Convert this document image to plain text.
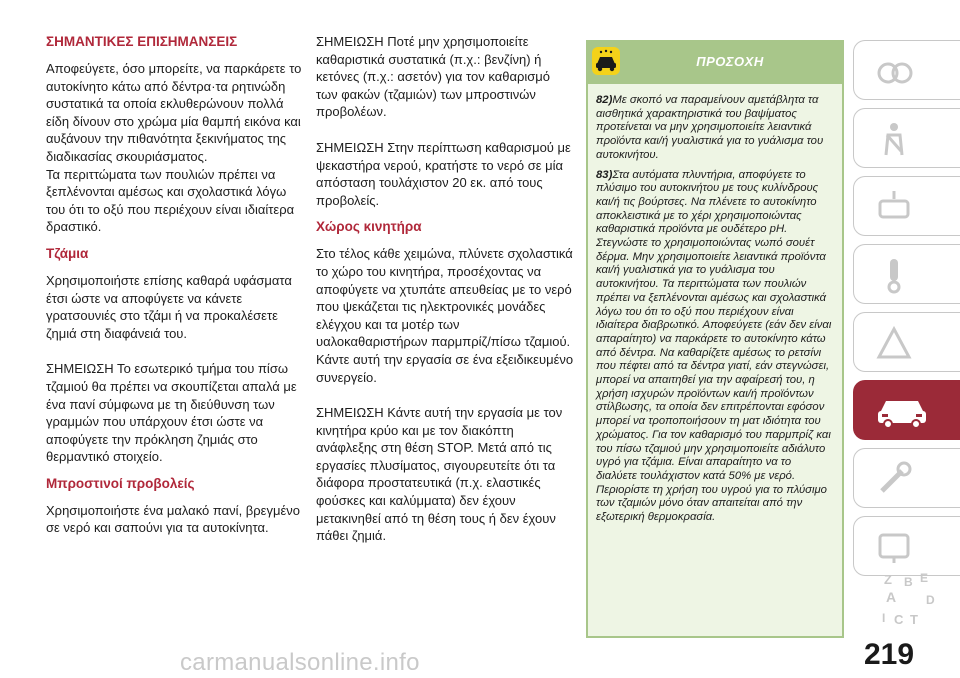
ΣΗΜΑΝΤΙΚΕΣ ΕΠΙΣΗΜΑΝΣΕΙΣ

Αποφεύγετε, όσο μπορείτε, να παρκάρετε το αυτοκίνητο κάτω από δέντρα·τα ρητινώδη συστατικά τα οποία εκλυθερώνουν πολλά είδη δίνουν στο χρώμα μία θαμπή εικόνα και αυξάνουν την πιθανότητα ξεκινήματος της διαδικασίας σκουριάσματος.

Τα περιττώματα των πουλιών πρέπει να ξεπλένονται αμέσως και σχολαστικά λόγω του ότι το οξύ που περιέχουν είναι ιδιαίτερα δραστικό.

Τζάμια

Χρησιμοποιήστε επίσης καθαρά υφάσματα έτσι ώστε να αποφύγετε να κάνετε γρατσουνιές στο τζάμι ή να προκαλέσετε ζημιά στη διαφάνειά του.

ΣΗΜΕΙΩΣΗ Το εσωτερικό τμήμα του πίσω τζαμιού θα πρέπει να σκουπίζεται απαλά με ένα πανί σύμφωνα με τη διεύθυνση των γραμμών που υπάρχουν έτσι ώστε να αποφύγετε την πρόκληση ζημιάς στο θερμαντικό στοιχείο.

Μπροστινοί προβολείς

Χρησιμοποιήστε ένα μαλακό πανί, βρεγμένο σε νερό και σαπούνι για τα αυτοκίνητα.

ΣΗΜΕΙΩΣΗ Ποτέ μην χρησιμοποιείτε καθαριστικά συστατικά (π.χ.: βενζίνη) ή κετόνες (π.χ.: ασετόν) για τον καθαρισμό των φακών (τζαμιών) των μπροστινών προβολέων.

ΣΗΜΕΙΩΣΗ Στην περίπτωση καθαρισμού με ψεκαστήρα νερού, κρατήστε το νερό σε μία απόσταση τουλάχιστον 20 εκ. από τους προβολείς.

Χώρος κινητήρα

Στο τέλος κάθε χειμώνα, πλύνετε σχολαστικά το χώρο του κινητήρα, προσέχοντας να αποφύγετε να χτυπάτε απευθείας με το νερό που ψεκάζεται τις ηλεκτρονικές μονάδες ελέγχου και τα μοτέρ των υαλοκαθαριστήρων παρμπρίζ/πίσω τζαμιού. Κάντε αυτή την εργασία σε ένα εξειδικευμένο συνεργείο.

ΣΗΜΕΙΩΣΗ Κάντε αυτή την εργασία με τον κινητήρα κρύο και με τον διακόπτη ανάφλεξης στη θέση STOP. Μετά από τις εργασίες πλυσίματος, σιγουρευτείτε ότι τα διάφορα προστατευτικά (π.χ. ελαστικές φούσκες και καλύμματα) δεν έχουν μετακινηθεί από τη θέση τους ή δεν έχουν πάθει ζημιά.

ΠΡΟΣΟΧΗ

82)Με σκοπό να παραμείνουν αμετάβλητα τα αισθητικά χαρακτηριστικά του βαψίματος προτείνεται να μην χρησιμοποιείτε λειαντικά προϊόντα και/ή γυαλιστικά για το γυάλισμα του αυτοκινήτου.

83)Στα αυτόματα πλυντήρια, αποφύγετε το πλύσιμο του αυτοκινήτου με τους κυλίνδρους και/ή τις βούρτσες. Να πλένετε το αυτοκίνητο αποκλειστικά με το χέρι χρησιμοποιώντας καθαριστικά προϊόντα με ουδέτερο pH. Στεγνώστε το χρησιμοποιώντας νωπό σουέτ δέρμα. Μην χρησιμοποιείτε λειαντικά προϊόντα και/ή γυαλιστικά για το γυάλισμα του αυτοκινήτου. Τα περιττώματα των πουλιών πρέπει να ξεπλένονται αμέσως και σχολαστικά λόγω του ότι το οξύ που περιέχουν είναι ιδιαίτερα διαβρωτικό. Αποφεύγετε (εάν δεν είναι απαραίτητο) να παρκάρετε το αυτοκίνητο κάτω από δέντρα. Να καθαρίζετε αμέσως το ρετσίνι που πέφτει από τα δέντρα γιατί, εάν στεγνώσει, μπορεί να απαιτηθεί για την αφαίρεσή του, η χρήση ισχυρών προϊόντων και/ή προϊόντων στίλβωσης, τα οποία δεν επιτρέπονται εφόσον μπορεί να τροποποιήσουν τη ματ ιδιότητα του χρώματος. Για τον καθαρισμό του παρμπρίζ και του πίσω τζαμιού μην χρησιμοποιείτε αδιάλυτο υγρό για τζάμια. Είναι απαραίτητο να το διαλύετε τουλάχιστον κατά 50% με νερό. Περιορίστε τη χρήση του υγρού για το πλύσιμο των τζαμιών μόνο όταν απαιτείται από την εξωτερική θερμοκρασία.

Z B E
A D
I C T
219
carmanualsonline.info
